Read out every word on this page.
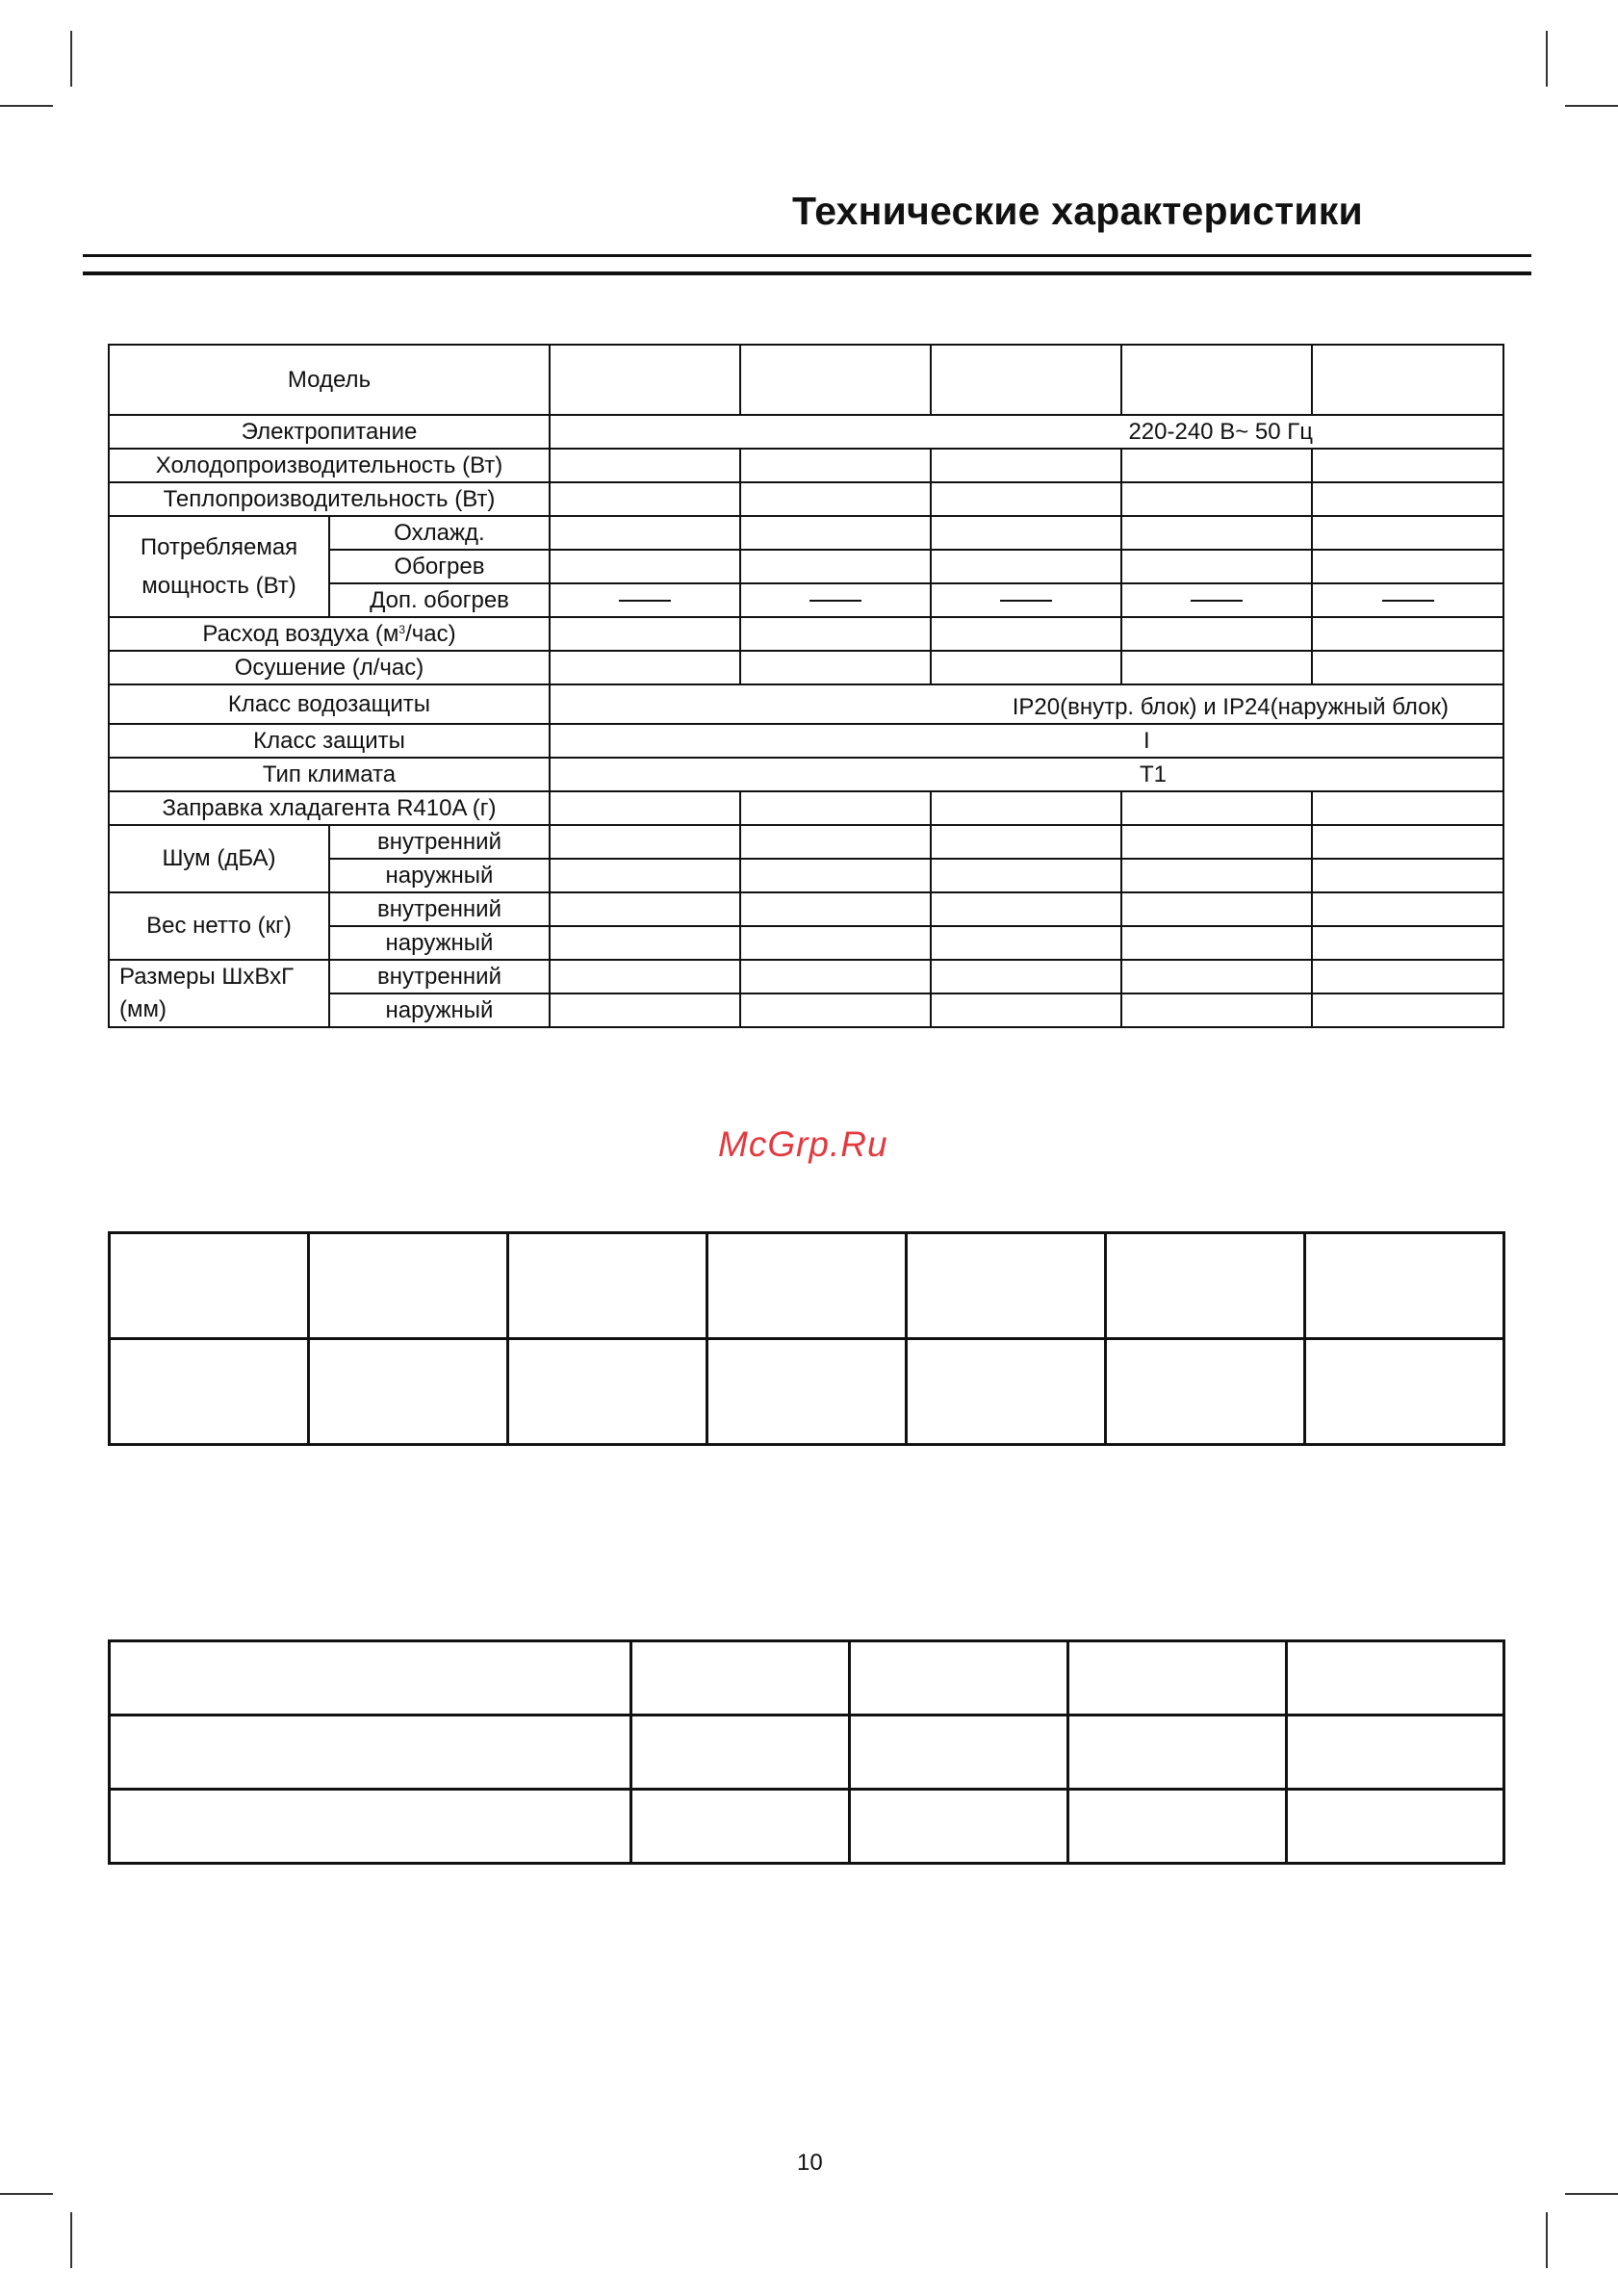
Технические характеристики
Модель						
Электропитание		220-240 В~ 50 Гц				
Холодопроизводительность (Вт)						
Теплопроизводительность (Вт)						

Потребляемая
мощность (Вт)	Охлажд.					
	Обогрев					
	Доп. обогрев					
Расход воздуха $(м^3/час)$						
Осушение (л/час)						
Класс водозащиты		IP20(внутр. блок) и IP24(наружный блок)				
Класс защиты		I				
Тип климата		T1				
Заправка хладагента R410A (г)						
Шум (дБА)	внутренний					
	наружный					
Вес нетто (кг)	внутренний					
	наружный					

Размеры ШхВхГ
(мм)	внутренний					
	наружный					
McGrp.Ru

10
